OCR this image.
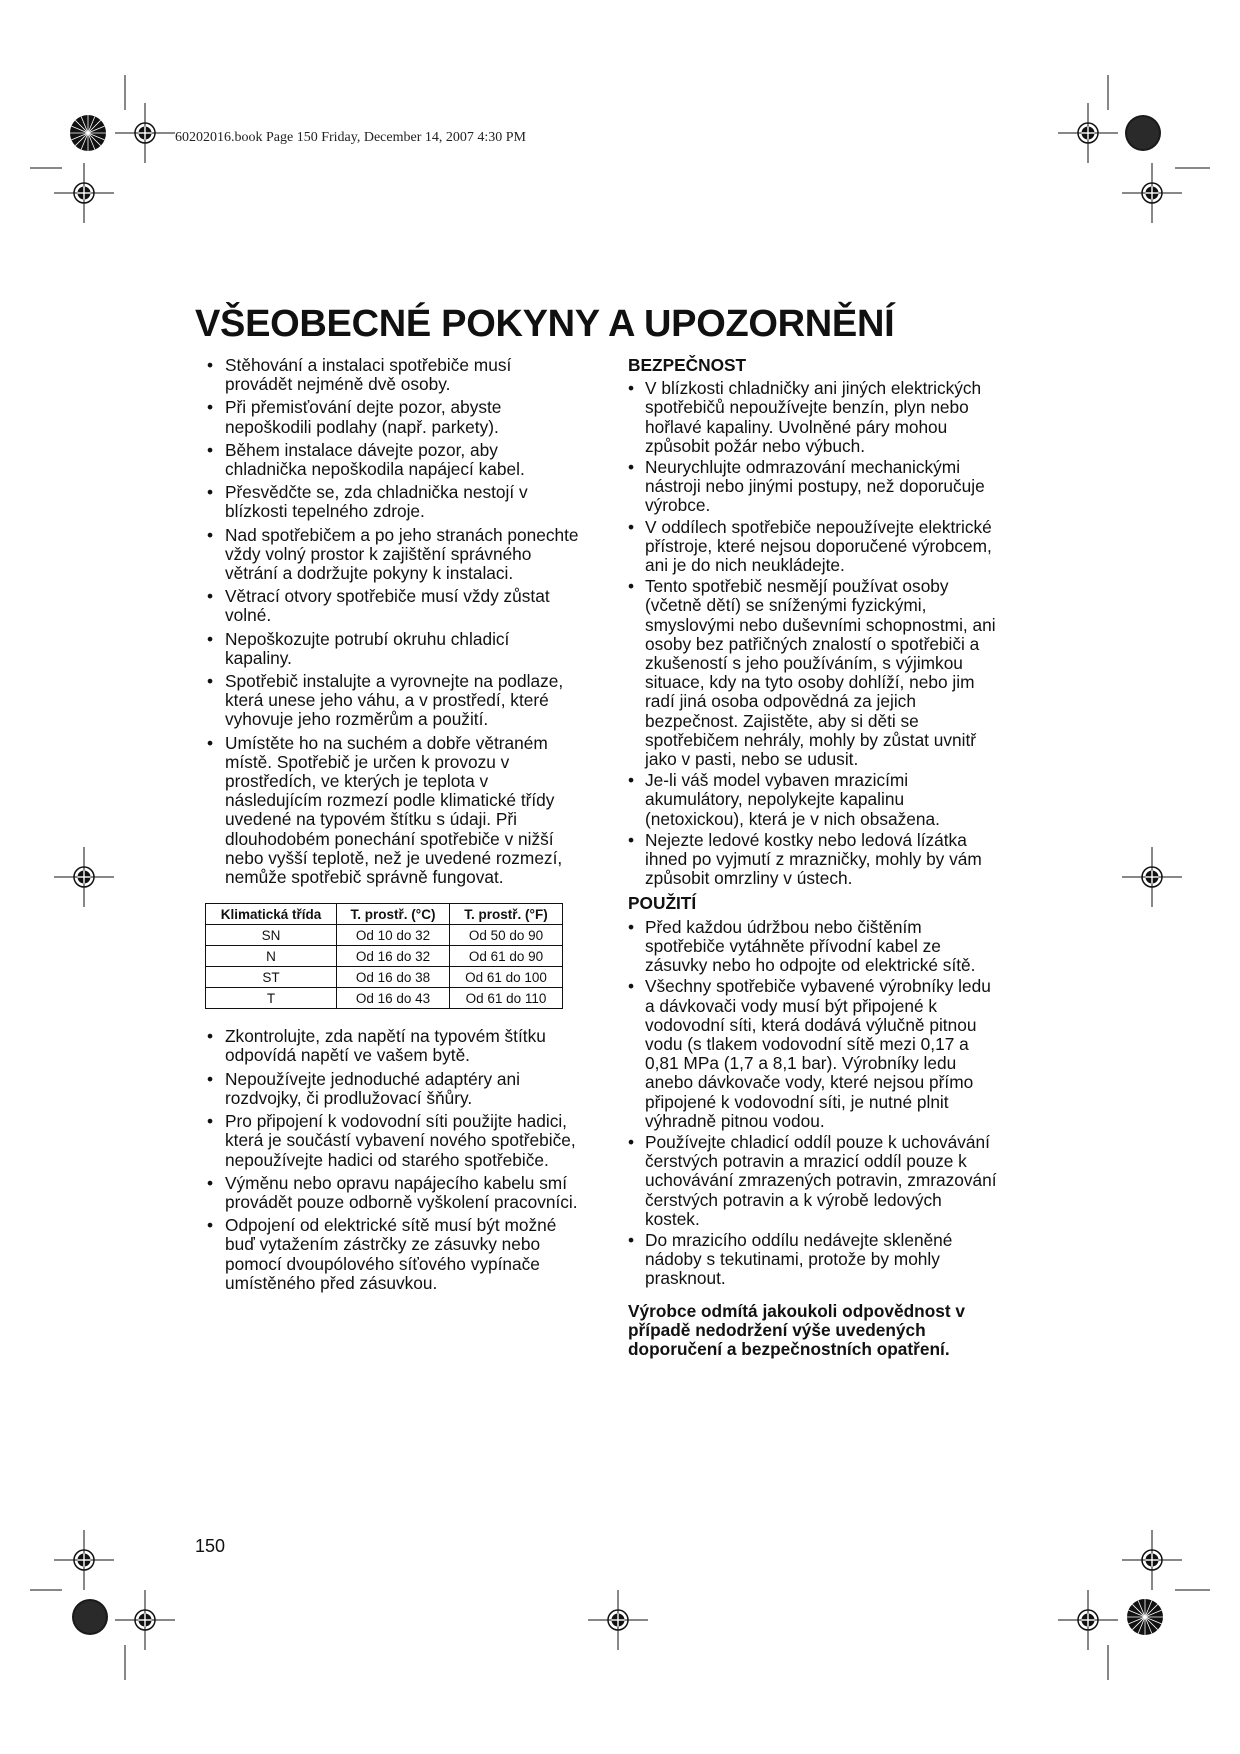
60202016.book Page 150 Friday, December 14, 2007 4:30 PM
VŠEOBECNÉ POKYNY A UPOZORNĚNÍ
• Stěhování a instalaci spotřebiče musí provádět nejméně dvě osoby.
• Při přemisťování dejte pozor, abyste nepoškodili podlahy (např. parkety).
• Během instalace dávejte pozor, aby chladnička nepoškodila napájecí kabel.
• Přesvědčte se, zda chladnička nestojí v blízkosti tepelného zdroje.
• Nad spotřebičem a po jeho stranách ponechte vždy volný prostor k zajištění správného větrání a dodržujte pokyny k instalaci.
• Větrací otvory spotřebiče musí vždy zůstat volné.
• Nepoškozujte potrubí okruhu chladicí kapaliny.
• Spotřebič instalujte a vyrovnejte na podlaze, která unese jeho váhu, a v prostředí, které vyhovuje jeho rozměrům a použití.
• Umístěte ho na suchém a dobře větraném místě. Spotřebič je určen k provozu v prostředích, ve kterých je teplota v následujícím rozmezí podle klimatické třídy uvedené na typovém štítku s údaji. Při dlouhodobém ponechání spotřebiče v nižší nebo vyšší teplotě, než je uvedené rozmezí, nemůže spotřebič správně fungovat.
Klimatická třída	T. prostř. (°C)	T. prostř. (°F)
SN	Od 10 do 32	Od 50 do 90
N	Od 16 do 32	Od 61 do 90
ST	Od 16 do 38	Od 61 do 100
T	Od 16 do 43	Od 61 do 110
• Zkontrolujte, zda napětí na typovém štítku odpovídá napětí ve vašem bytě.
• Nepoužívejte jednoduché adaptéry ani rozdvojky, či prodlužovací šňůry.
• Pro připojení k vodovodní síti použijte hadici, která je součástí vybavení nového spotřebiče, nepoužívejte hadici od starého spotřebiče.
• Výměnu nebo opravu napájecího kabelu smí provádět pouze odborně vyškolení pracovníci.
• Odpojení od elektrické sítě musí být možné buď vytažením zástrčky ze zásuvky nebo pomocí dvoupólového síťového vypínače umístěného před zásuvkou.
BEZPEČNOST
• V blízkosti chladničky ani jiných elektrických spotřebičů nepoužívejte benzín, plyn nebo hořlavé kapaliny. Uvolněné páry mohou způsobit požár nebo výbuch.
• Neurychlujte odmrazování mechanickými nástroji nebo jinými postupy, než doporučuje výrobce.
• V oddílech spotřebiče nepoužívejte elektrické přístroje, které nejsou doporučené výrobcem, ani je do nich neukládejte.
• Tento spotřebič nesmějí používat osoby (včetně dětí) se sníženými fyzickými, smyslovými nebo duševními schopnostmi, ani osoby bez patřičných znalostí o spotřebiči a zkušeností s jeho používáním, s výjimkou situace, kdy na tyto osoby dohlíží, nebo jim radí jiná osoba odpovědná za jejich bezpečnost. Zajistěte, aby si děti se spotřebičem nehrály, mohly by zůstat uvnitř jako v pasti, nebo se udusit.
• Je-li váš model vybaven mrazicími akumulátory, nepolykejte kapalinu (netoxickou), která je v nich obsažena.
• Nejezte ledové kostky nebo ledová lízátka ihned po vyjmutí z mrazničky, mohly by vám způsobit omrzliny v ústech.
POUŽITÍ
• Před každou údržbou nebo čištěním spotřebiče vytáhněte přívodní kabel ze zásuvky nebo ho odpojte od elektrické sítě.
• Všechny spotřebiče vybavené výrobníky ledu a dávkovači vody musí být připojené k vodovodní síti, která dodává výlučně pitnou vodu (s tlakem vodovodní sítě mezi 0,17 a 0,81 MPa (1,7 a 8,1 bar). Výrobníky ledu anebo dávkovače vody, které nejsou přímo připojené k vodovodní síti, je nutné plnit výhradně pitnou vodou.
• Používejte chladicí oddíl pouze k uchovávání čerstvých potravin a mrazicí oddíl pouze k uchovávání zmrazených potravin, zmrazování čerstvých potravin a k výrobě ledových kostek.
• Do mrazicího oddílu nedávejte skleněné nádoby s tekutinami, protože by mohly prasknout.
Výrobce odmítá jakoukoli odpovědnost v případě nedodržení výše uvedených doporučení a bezpečnostních opatření.
150
